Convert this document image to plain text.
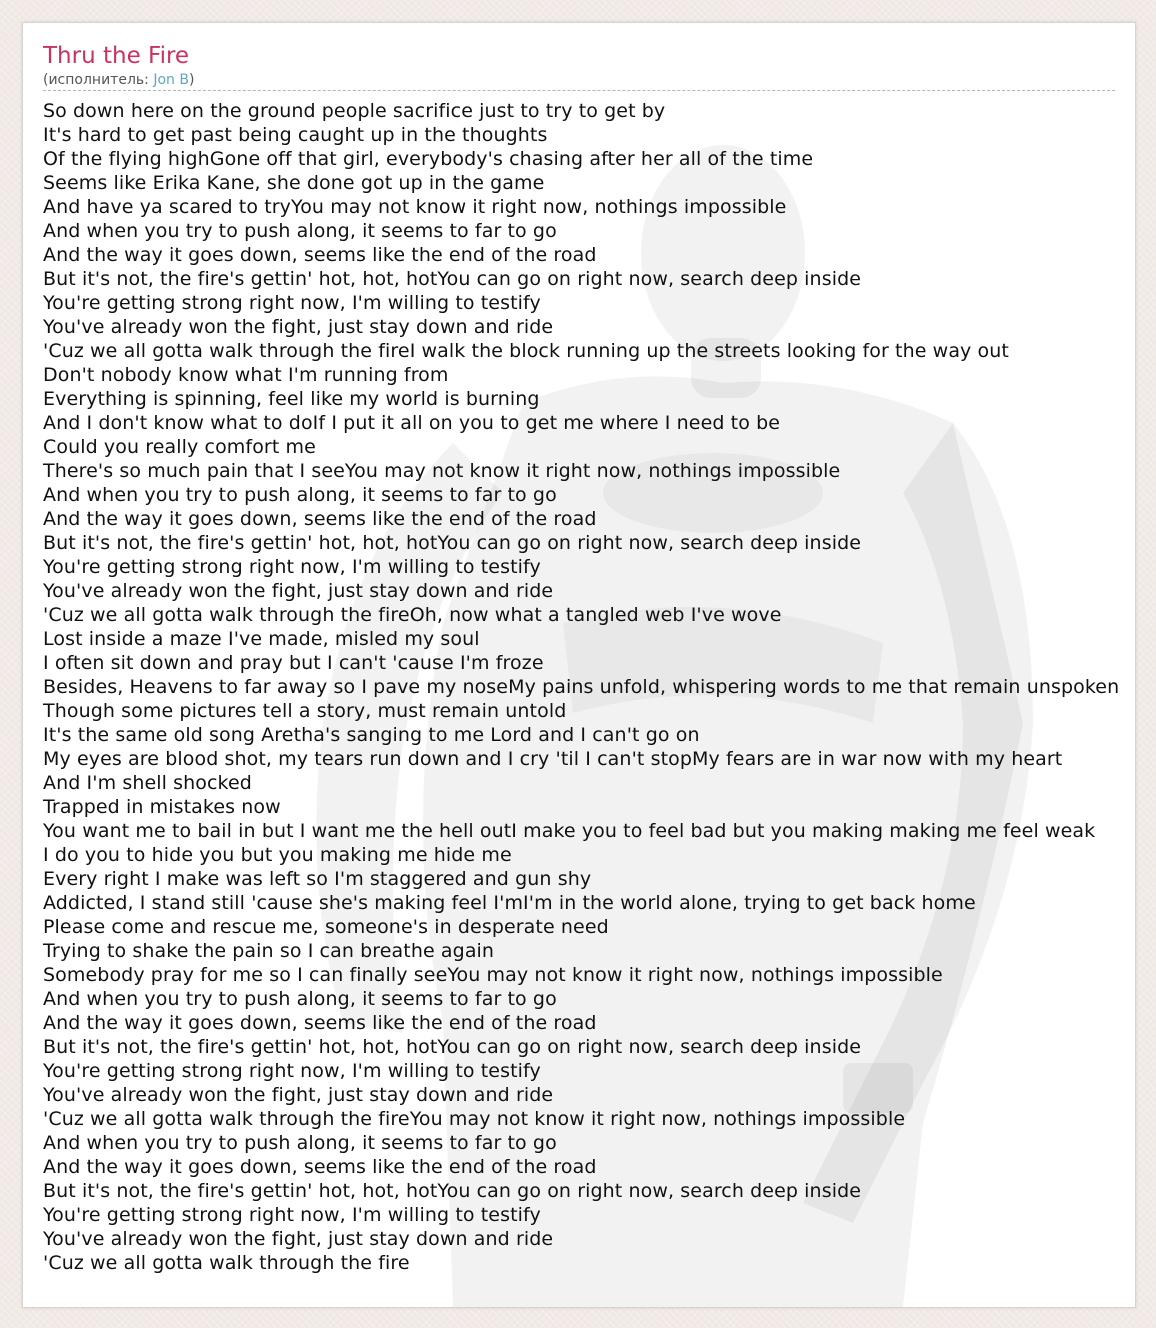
Thru the Fire
(исполнитель: Jon B)
So down here on the ground people sacrifice just to try to get by
It's hard to get past being caught up in the thoughts
Of the flying highGone off that girl, everybody's chasing after her all of the time
Seems like Erika Kane, she done got up in the game
And have ya scared to tryYou may not know it right now, nothings impossible
And when you try to push along, it seems to far to go
And the way it goes down, seems like the end of the road
But it's not, the fire's gettin' hot, hot, hotYou can go on right now, search deep inside
You're getting strong right now, I'm willing to testify
You've already won the fight, just stay down and ride
'Cuz we all gotta walk through the fireI walk the block running up the streets looking for the way out
Don't nobody know what I'm running from
Everything is spinning, feel like my world is burning
And I don't know what to doIf I put it all on you to get me where I need to be
Could you really comfort me
There's so much pain that I seeYou may not know it right now, nothings impossible
And when you try to push along, it seems to far to go
And the way it goes down, seems like the end of the road
But it's not, the fire's gettin' hot, hot, hotYou can go on right now, search deep inside
You're getting strong right now, I'm willing to testify
You've already won the fight, just stay down and ride
'Cuz we all gotta walk through the fireOh, now what a tangled web I've wove
Lost inside a maze I've made, misled my soul
I often sit down and pray but I can't 'cause I'm froze
Besides, Heavens to far away so I pave my noseMy pains unfold, whispering words to me that remain unspoken
Though some pictures tell a story, must remain untold
It's the same old song Aretha's sanging to me Lord and I can't go on
My eyes are blood shot, my tears run down and I cry 'til I can't stopMy fears are in war now with my heart
And I'm shell shocked
Trapped in mistakes now
You want me to bail in but I want me the hell outI make you to feel bad but you making making me feel weak
I do you to hide you but you making me hide me
Every right I make was left so I'm staggered and gun shy
Addicted, I stand still 'cause she's making feel I'mI'm in the world alone, trying to get back home
Please come and rescue me, someone's in desperate need
Trying to shake the pain so I can breathe again
Somebody pray for me so I can finally seeYou may not know it right now, nothings impossible
And when you try to push along, it seems to far to go
And the way it goes down, seems like the end of the road
But it's not, the fire's gettin' hot, hot, hotYou can go on right now, search deep inside
You're getting strong right now, I'm willing to testify
You've already won the fight, just stay down and ride
'Cuz we all gotta walk through the fireYou may not know it right now, nothings impossible
And when you try to push along, it seems to far to go
And the way it goes down, seems like the end of the road
But it's not, the fire's gettin' hot, hot, hotYou can go on right now, search deep inside
You're getting strong right now, I'm willing to testify
You've already won the fight, just stay down and ride
'Cuz we all gotta walk through the fire
